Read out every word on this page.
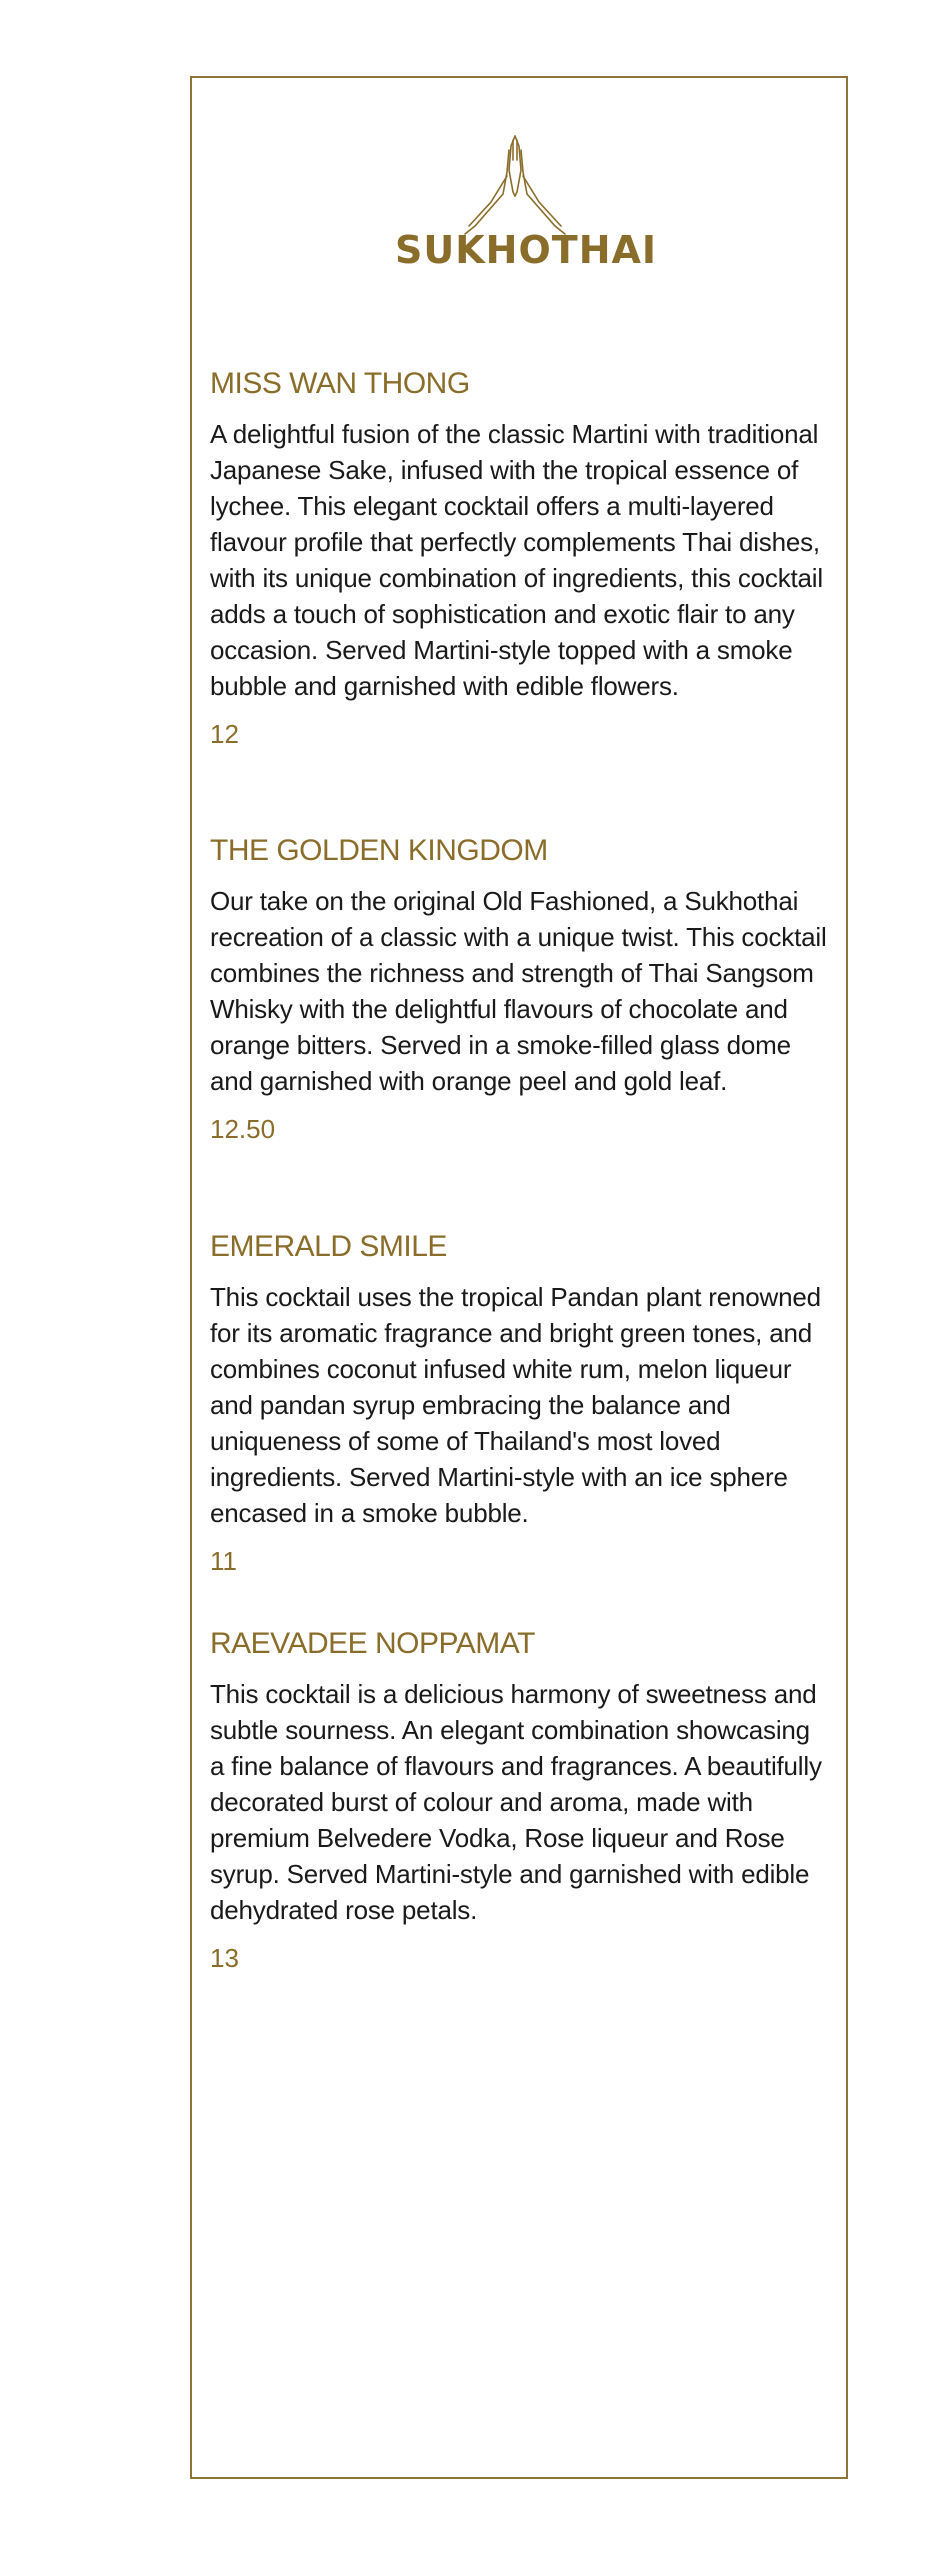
SUKHOTHAI
MISS WAN THONG

A delightful fusion of the classic Martini with traditional Japanese Sake, infused with the tropical essence of lychee. This elegant cocktail offers a multi-layered flavour profile that perfectly complements Thai dishes, with its unique combination of ingredients, this cocktail adds a touch of sophistication and exotic flair to any occasion. Served Martini-style topped with a smoke bubble and garnished with edible flowers.

12
THE GOLDEN KINGDOM

Our take on the original Old Fashioned, a Sukhothai recreation of a classic with a unique twist. This cocktail combines the richness and strength of Thai Sangsom Whisky with the delightful flavours of chocolate and orange bitters. Served in a smoke-filled glass dome and garnished with orange peel and gold leaf.

12.50
EMERALD SMILE

This cocktail uses the tropical Pandan plant renowned for its aromatic fragrance and bright green tones, and combines coconut infused white rum, melon liqueur and pandan syrup embracing the balance and uniqueness of some of Thailand's most loved ingredients. Served Martini-style with an ice sphere encased in a smoke bubble.

11
RAEVADEE NOPPAMAT

This cocktail is a delicious harmony of sweetness and subtle sourness. An elegant combination showcasing a fine balance of flavours and fragrances. A beautifully decorated burst of colour and aroma, made with premium Belvedere Vodka, Rose liqueur and Rose syrup. Served Martini-style and garnished with edible dehydrated rose petals.

13
